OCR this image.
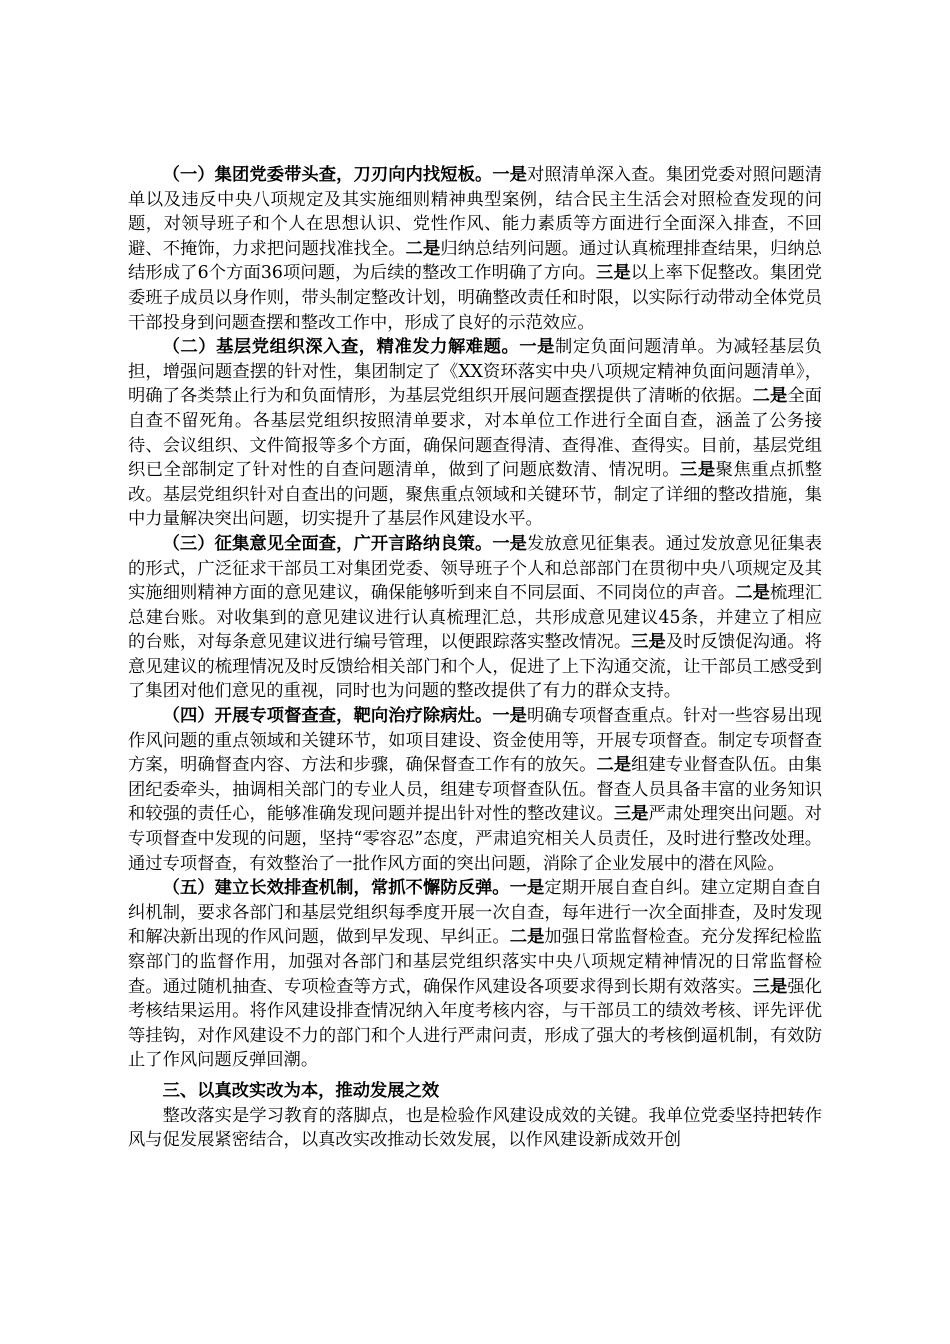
（一）集团党委带头查，刀刃向内找短板。一是对照清单深入查。集团党委对照问题清单以及违反中央八项规定及其实施细则精神典型案例，结合民主生活会对照检查发现的问题，对领导班子和个人在思想认识、党性作风、能力素质等方面进行全面深入排查，不回避、不掩饰，力求把问题找准找全。二是归纳总结列问题。通过认真梳理排查结果，归纳总结形成了6个方面36项问题，为后续的整改工作明确了方向。三是以上率下促整改。集团党委班子成员以身作则，带头制定整改计划，明确整改责任和时限，以实际行动带动全体党员干部投身到问题查摆和整改工作中，形成了良好的示范效应。

（二）基层党组织深入查，精准发力解难题。一是制定负面问题清单。为减轻基层负担，增强问题查摆的针对性，集团制定了《XX资环落实中央八项规定精神负面问题清单》，明确了各类禁止行为和负面情形，为基层党组织开展问题查摆提供了清晰的依据。二是全面自查不留死角。各基层党组织按照清单要求，对本单位工作进行全面自查，涵盖了公务接待、会议组织、文件简报等多个方面，确保问题查得清、查得准、查得实。目前，基层党组织已全部制定了针对性的自查问题清单，做到了问题底数清、情况明。三是聚焦重点抓整改。基层党组织针对自查出的问题，聚焦重点领域和关键环节，制定了详细的整改措施，集中力量解决突出问题，切实提升了基层作风建设水平。

（三）征集意见全面查，广开言路纳良策。一是发放意见征集表。通过发放意见征集表的形式，广泛征求干部员工对集团党委、领导班子个人和总部部门在贯彻中央八项规定及其实施细则精神方面的意见建议，确保能够听到来自不同层面、不同岗位的声音。二是梳理汇总建台账。对收集到的意见建议进行认真梳理汇总，共形成意见建议45条，并建立了相应的台账，对每条意见建议进行编号管理，以便跟踪落实整改情况。三是及时反馈促沟通。将意见建议的梳理情况及时反馈给相关部门和个人，促进了上下沟通交流，让干部员工感受到了集团对他们意见的重视，同时也为问题的整改提供了有力的群众支持。

（四）开展专项督查查，靶向治疗除病灶。一是明确专项督查重点。针对一些容易出现作风问题的重点领域和关键环节，如项目建设、资金使用等，开展专项督查。制定专项督查方案，明确督查内容、方法和步骤，确保督查工作有的放矢。二是组建专业督查队伍。由集团纪委牵头，抽调相关部门的专业人员，组建专项督查队伍。督查人员具备丰富的业务知识和较强的责任心，能够准确发现问题并提出针对性的整改建议。三是严肃处理突出问题。对专项督查中发现的问题，坚持“零容忍”态度，严肃追究相关人员责任，及时进行整改处理。通过专项督查，有效整治了一批作风方面的突出问题，消除了企业发展中的潜在风险。

（五）建立长效排查机制，常抓不懈防反弹。一是定期开展自查自纠。建立定期自查自纠机制，要求各部门和基层党组织每季度开展一次自查，每年进行一次全面排查，及时发现和解决新出现的作风问题，做到早发现、早纠正。二是加强日常监督检查。充分发挥纪检监察部门的监督作用，加强对各部门和基层党组织落实中央八项规定精神情况的日常监督检查。通过随机抽查、专项检查等方式，确保作风建设各项要求得到长期有效落实。三是强化考核结果运用。将作风建设排查情况纳入年度考核内容，与干部员工的绩效考核、评先评优等挂钩，对作风建设不力的部门和个人进行严肃问责，形成了强大的考核倒逼机制，有效防止了作风问题反弹回潮。

三、以真改实改为本，推动发展之效

整改落实是学习教育的落脚点，也是检验作风建设成效的关键。我单位党委坚持把转作风与促发展紧密结合，以真改实改推动长效发展，以作风建设新成效开创
